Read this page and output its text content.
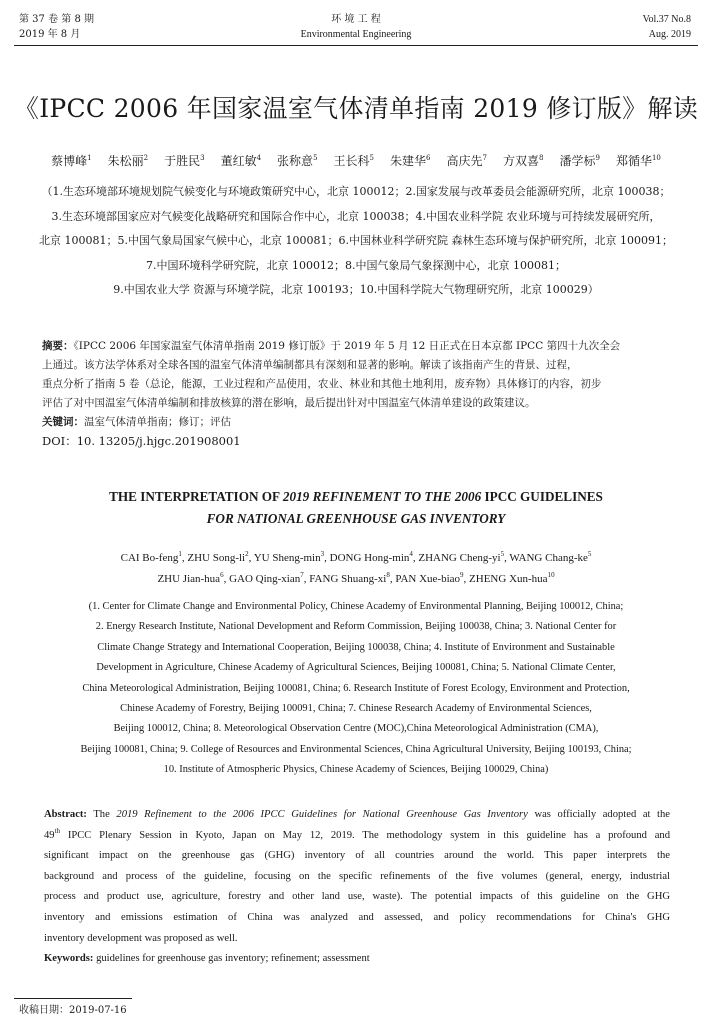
第 37 卷 第 8 期
2019 年 8 月
环 境 工 程
Environmental Engineering
Vol.37 No.8
Aug. 2019
《IPCC 2006 年国家温室气体清单指南 2019 修订版》解读
蔡博峰$^1$ 朱松丽$^2$ 于胜民$^3$ 董红敏$^4$ 张称意$^5$ 王长科$^5$ 朱建华$^6$ 高庆先$^7$ 方双喜$^8$ 潘学标$^9$ 郑循华$^{10}$
（1.生态环境部环境规划院气候变化与环境政策研究中心，北京 100012；2.国家发展与改革委员会能源研究所，北京 100038；
3.生态环境部国家应对气候变化战略研究和国际合作中心，北京 100038；4.中国农业科学院 农业环境与可持续发展研究所，
北京 100081；5.中国气象局国家气候中心，北京 100081；6.中国林业科学研究院 森林生态环境与保护研究所，北京 100091；
7.中国环境科学研究院，北京 100012；8.中国气象局气象探测中心，北京 100081；
9.中国农业大学 资源与环境学院，北京 100193；10.中国科学院大气物理研究所，北京 100029）
摘要：《IPCC 2006 年国家温室气体清单指南 2019 修订版》于 2019 年 5 月 12 日正式在日本京都 IPCC 第四十九次全会
上通过。该方法学体系对全球各国的温室气体清单编制都具有深刻和显著的影响。解读了该指南产生的背景、过程，
重点分析了指南 5 卷（总论，能源，工业过程和产品使用，农业、林业和其他土地利用，废弃物）具体修订的内容，初步
评估了对中国温室气体清单编制和排放核算的潜在影响，最后提出针对中国温室气体清单建设的政策建议。
关键词：温室气体清单指南；修订；评估
DOI：10. 13205/j.hjgc.201908001
THE INTERPRETATION OF 2019 REFINEMENT TO THE 2006 IPCC GUIDELINES
FOR NATIONAL GREENHOUSE GAS INVENTORY
CAI Bo-feng$^1$, ZHU Song-$li^2$, YU Sheng-$\min^3$, DONG Hong-$\min^4$, ZHANG Cheng-$yi^5$, WANG Chang-$ke^5$
ZHU Jian-hua$^6$, GAO Qing-xian$^7$, FANG Shuang-$xi^8$, PAN Xue-biao$^9$, ZHENG Xun-hua$^{10}$
(1. Center for Climate Change and Environmental Policy, Chinese Academy of Environmental Planning, Beijing 100012, China;
2. Energy Research Institute, National Development and Reform Commission, Beijing 100038, China; 3. National Center for
Climate Change Strategy and International Cooperation, Beijing 100038, China; 4. Institute of Environment and Sustainable
Development in Agriculture, Chinese Academy of Agricultural Sciences, Beijing 100081, China; 5. National Climate Center,
China Meteorological Administration, Beijing 100081, China; 6. Research Institute of Forest Ecology, Environment and Protection,
Chinese Academy of Forestry, Beijing 100091, China; 7. Chinese Research Academy of Environmental Sciences,
Beijing 100012, China; 8. Meteorological Observation Centre (MOC),China Meteorological Administration (CMA),
Beijing 100081, China; 9. College of Resources and Environmental Sciences, China Agricultural University, Beijing 100193, China;
10. Institute of Atmospheric Physics, Chinese Academy of Sciences, Beijing 100029, China)
Abstract: The 2019 Refinement to the 2006 IPCC Guidelines for National Greenhouse Gas Inventory was officially adopted at the
49th IPCC Plenary Session in Kyoto, Japan on May 12, 2019. The methodology system in this guideline has a profound and
significant impact on the greenhouse gas (GHG) inventory of all countries around the world. This paper interprets the
background and process of the guideline, focusing on the specific refinements of the five volumes (general, energy, industrial
process and product use, agriculture, forestry and other land use, waste). The potential impacts of this guideline on the GHG
inventory and emissions estimation of China was analyzed and assessed, and policy recommendations for China's GHG
inventory development was proposed as well.
Keywords: guidelines for greenhouse gas inventory; refinement; assessment
收稿日期：2019-07-16
